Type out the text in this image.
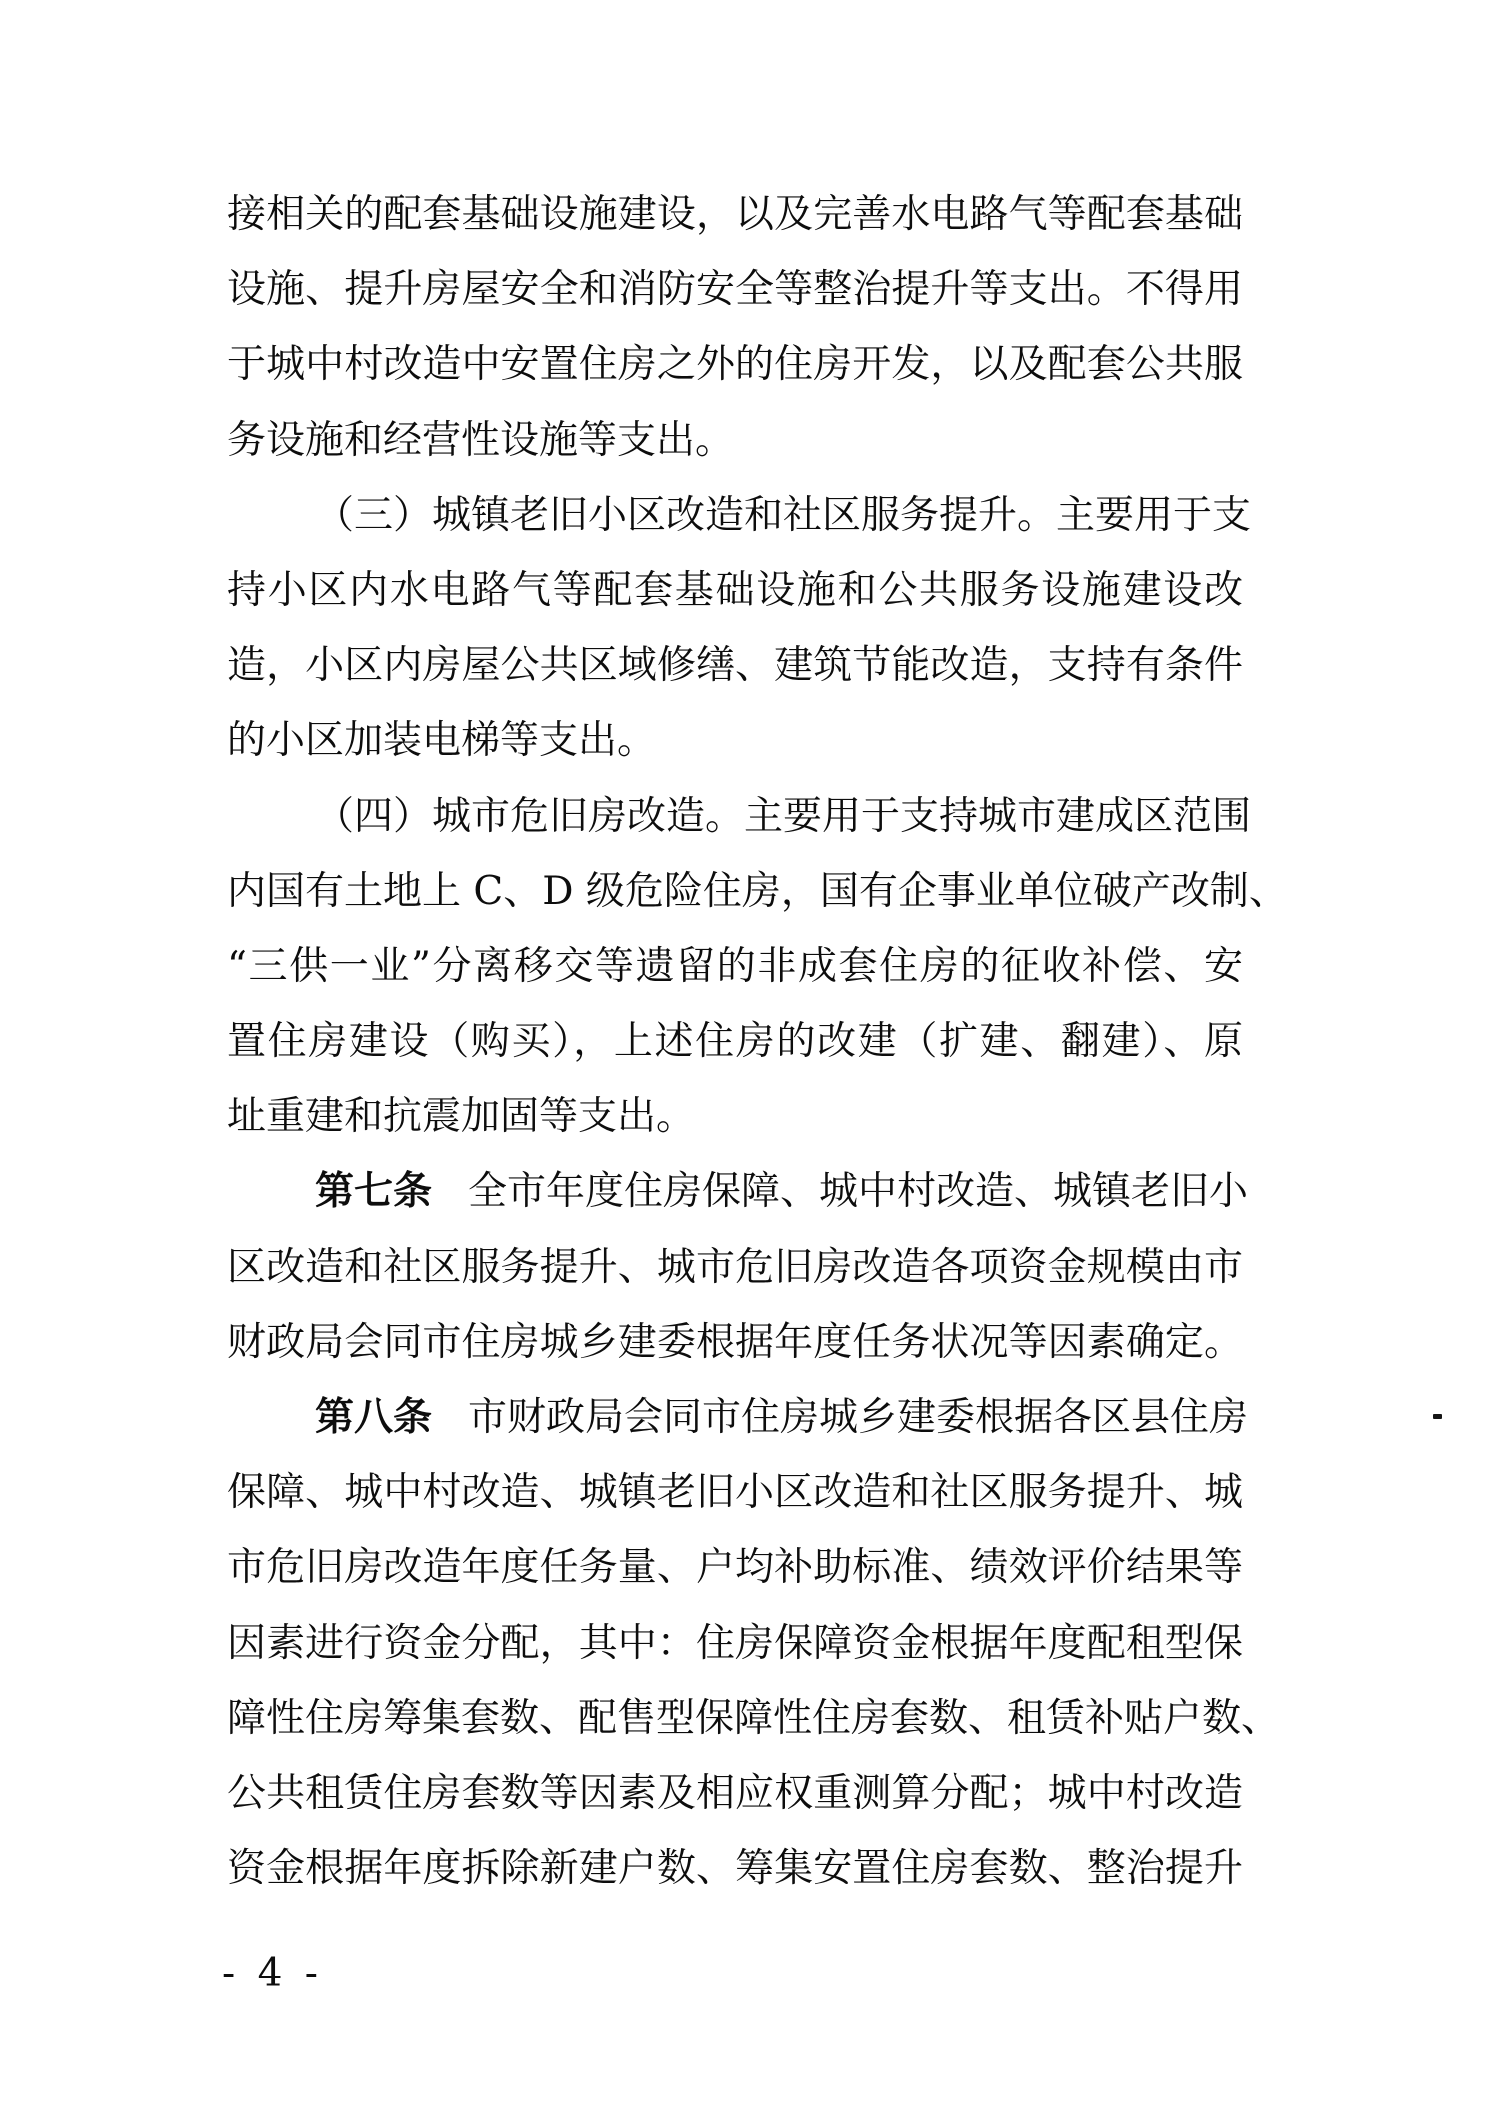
接相关的配套基础设施建设，以及完善水电路气等配套基础
设施、提升房屋安全和消防安全等整治提升等支出。不得用
于城中村改造中安置住房之外的住房开发，以及配套公共服
务设施和经营性设施等支出。
（三）城镇老旧小区改造和社区服务提升。主要用于支
持小区内水电路气等配套基础设施和公共服务设施建设改
造，小区内房屋公共区域修缮、建筑节能改造，支持有条件
的小区加装电梯等支出。
（四）城市危旧房改造。主要用于支持城市建成区范围
内国有土地上 C、D 级危险住房，国有企事业单位破产改制、
“三供一业”分离移交等遗留的非成套住房的征收补偿、安
置住房建设（购买），上述住房的改建（扩建、翻建）、原
址重建和抗震加固等支出。
第七条 全市年度住房保障、城中村改造、城镇老旧小
区改造和社区服务提升、城市危旧房改造各项资金规模由市
财政局会同市住房城乡建委根据年度任务状况等因素确定。
第八条 市财政局会同市住房城乡建委根据各区县住房
保障、城中村改造、城镇老旧小区改造和社区服务提升、城
市危旧房改造年度任务量、户均补助标准、绩效评价结果等
因素进行资金分配，其中：住房保障资金根据年度配租型保
障性住房筹集套数、配售型保障性住房套数、租赁补贴户数、
公共租赁住房套数等因素及相应权重测算分配；城中村改造
资金根据年度拆除新建户数、筹集安置住房套数、整治提升
- 4 -
